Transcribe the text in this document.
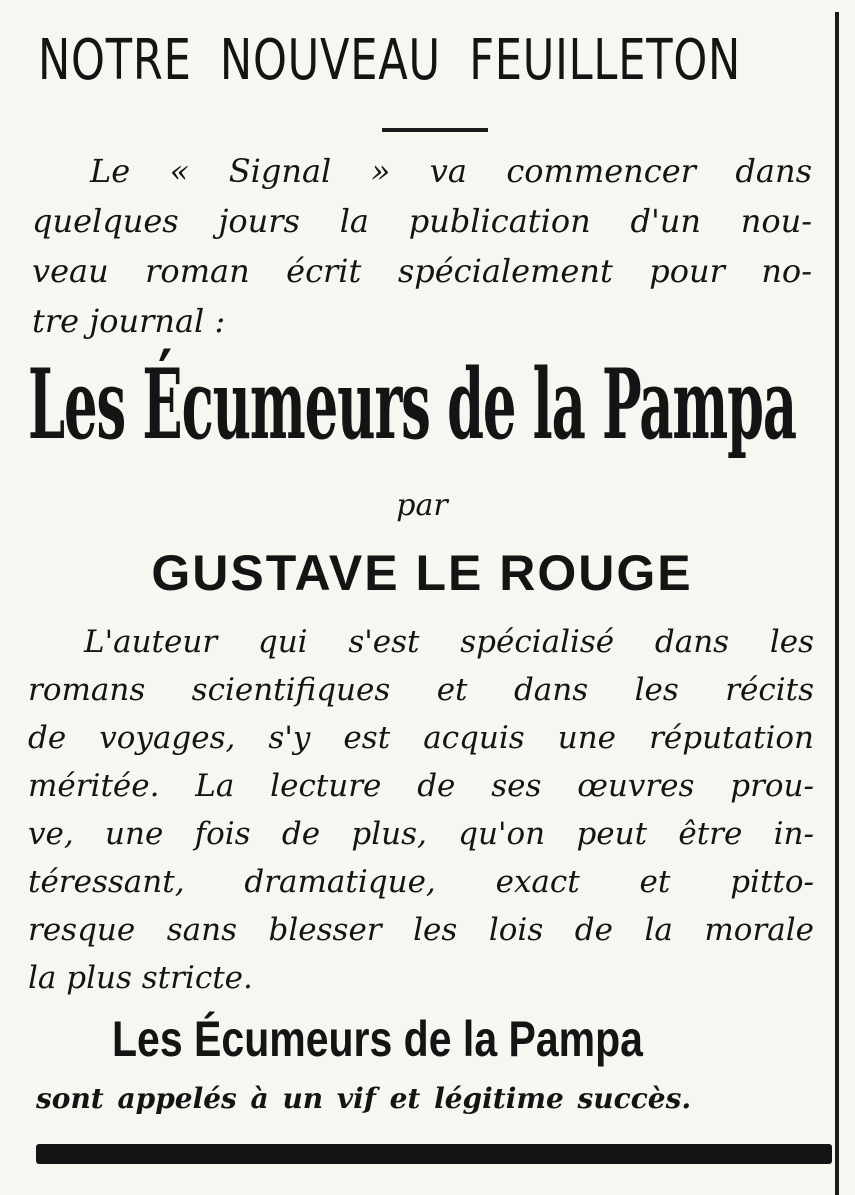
NOTRE NOUVEAU FEUILLETON

Le « Signal » va commencer dans

quelques jours la publication d'un nou-

veau roman écrit spécialement pour no-

tre journal :

Les Écumeurs de la Pampa
par
GUSTAVE LE ROUGE

L'auteur qui s'est spécialisé dans les

romans scientifiques et dans les récits

de voyages, s'y est acquis une réputation

méritée. La lecture de ses œuvres prou-

ve, une fois de plus, qu'on peut être in-

téressant, dramatique, exact et pitto-

resque sans blesser les lois de la morale

la plus stricte.

Les Écumeurs de la Pampa
sont appelés à un vif et légitime succès.
